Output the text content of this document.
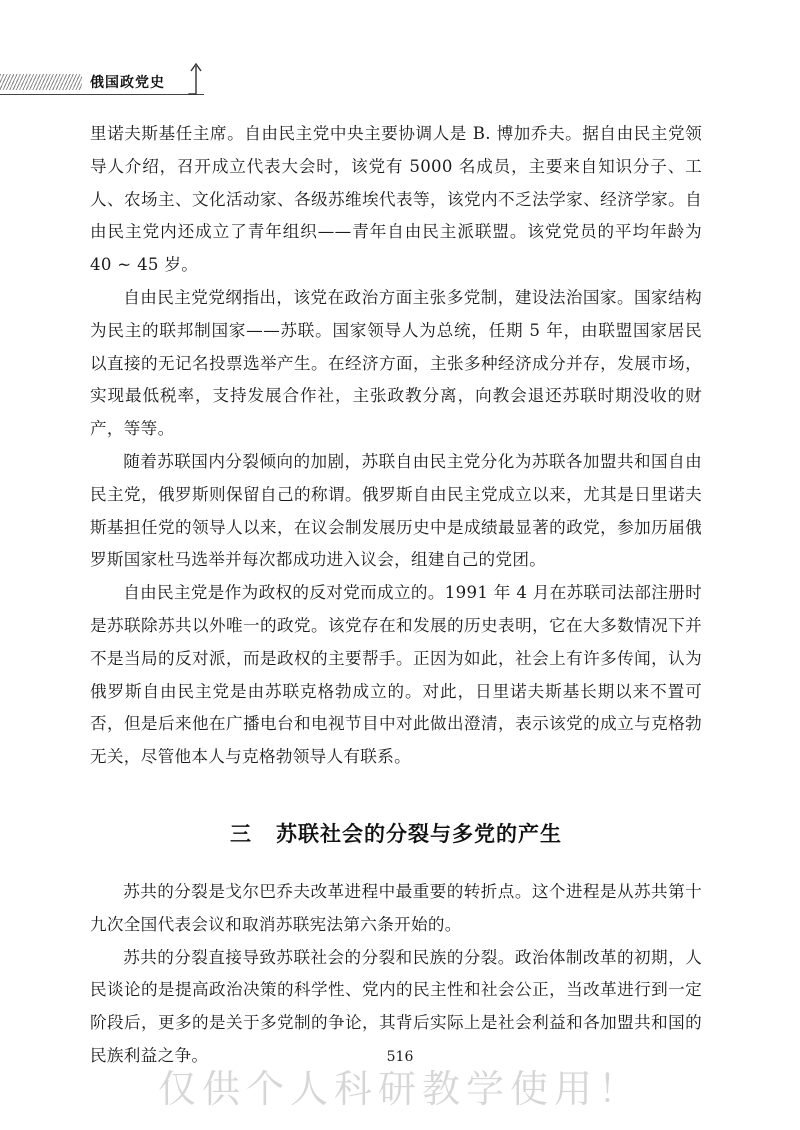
俄国政党史

里诺夫斯基任主席。自由民主党中央主要协调人是 B. 博加乔夫。据自由民主党领导人介绍，召开成立代表大会时，该党有 5000 名成员，主要来自知识分子、工人、农场主、文化活动家、各级苏维埃代表等，该党内不乏法学家、经济学家。自由民主党内还成立了青年组织——青年自由民主派联盟。该党党员的平均年龄为 40 ~ 45 岁。

自由民主党党纲指出，该党在政治方面主张多党制，建设法治国家。国家结构为民主的联邦制国家——苏联。国家领导人为总统，任期 5 年，由联盟国家居民以直接的无记名投票选举产生。在经济方面，主张多种经济成分并存，发展市场，实现最低税率，支持发展合作社，主张政教分离，向教会退还苏联时期没收的财产，等等。

随着苏联国内分裂倾向的加剧，苏联自由民主党分化为苏联各加盟共和国自由民主党，俄罗斯则保留自己的称谓。俄罗斯自由民主党成立以来，尤其是日里诺夫斯基担任党的领导人以来，在议会制发展历史中是成绩最显著的政党，参加历届俄罗斯国家杜马选举并每次都成功进入议会，组建自己的党团。

自由民主党是作为政权的反对党而成立的。1991 年 4 月在苏联司法部注册时是苏联除苏共以外唯一的政党。该党存在和发展的历史表明，它在大多数情况下并不是当局的反对派，而是政权的主要帮手。正因为如此，社会上有许多传闻，认为俄罗斯自由民主党是由苏联克格勃成立的。对此，日里诺夫斯基长期以来不置可否，但是后来他在广播电台和电视节目中对此做出澄清，表示该党的成立与克格勃无关，尽管他本人与克格勃领导人有联系。

三 苏联社会的分裂与多党的产生

苏共的分裂是戈尔巴乔夫改革进程中最重要的转折点。这个进程是从苏共第十九次全国代表会议和取消苏联宪法第六条开始的。

苏共的分裂直接导致苏联社会的分裂和民族的分裂。政治体制改革的初期，人民谈论的是提高政治决策的科学性、党内的民主性和社会公正，当改革进行到一定阶段后，更多的是关于多党制的争论，其背后实际上是社会利益和各加盟共和国的民族利益之争。	516
仅供个人科研教学使用！
